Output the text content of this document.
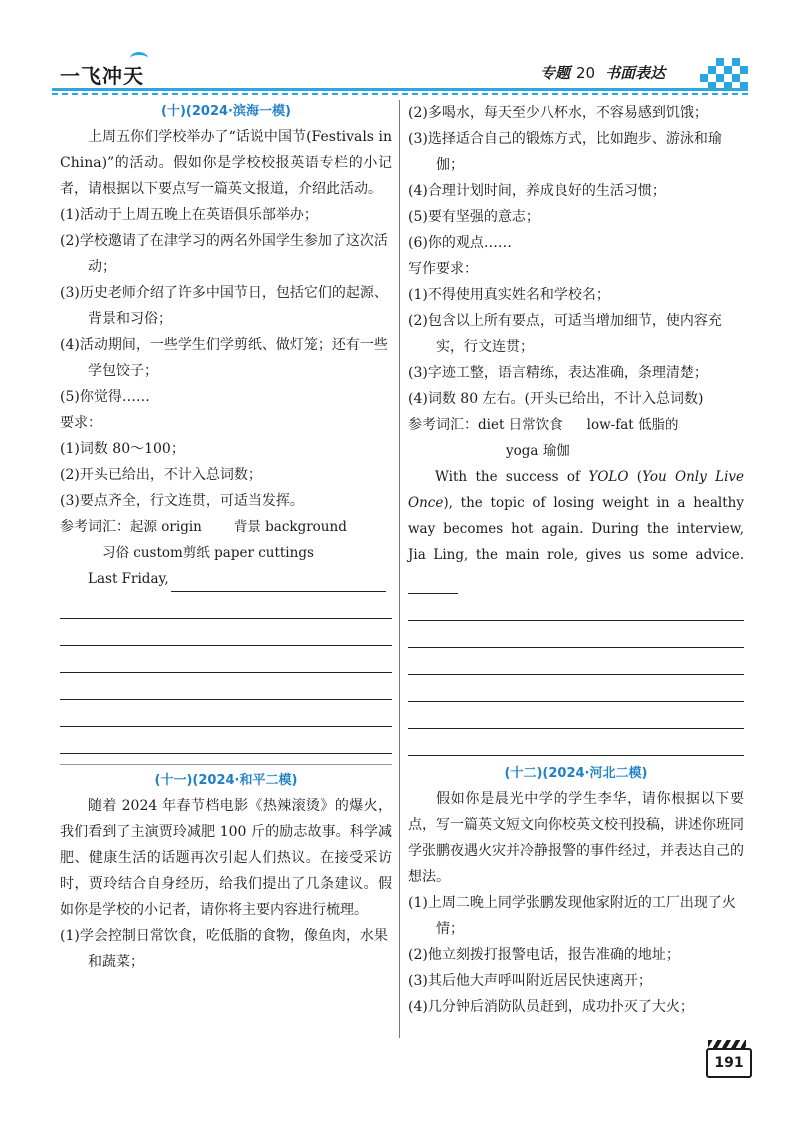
一飞冲天	专题 20 书面表达

(十)(2024·滨海一模)

上周五你们学校举办了“话说中国节(Festivals in China)”的活动。假如你是学校校报英语专栏的小记者，请根据以下要点写一篇英文报道，介绍此活动。

(1)活动于上周五晚上在英语俱乐部举办；

(2)学校邀请了在津学习的两名外国学生参加了这次活动；

(3)历史老师介绍了许多中国节日，包括它们的起源、背景和习俗；

(4)活动期间，一些学生们学剪纸、做灯笼；还有一些学包饺子；

(5)你觉得……

要求：

(1)词数 80～100；

(2)开头已给出，不计入总词数；

(3)要点齐全，行文连贯，可适当发挥。

参考词汇：起源 origin 背景 background

习俗 custom剪纸 paper cuttings

Last Friday,

(十一)(2024·和平二模)

随着 2024 年春节档电影《热辣滚烫》的爆火，我们看到了主演贾玲减肥 100 斤的励志故事。科学减肥、健康生活的话题再次引起人们热议。在接受采访时，贾玲结合自身经历，给我们提出了几条建议。假如你是学校的小记者，请你将主要内容进行梳理。

(1)学会控制日常饮食，吃低脂的食物，像鱼肉，水果和蔬菜；

(2)多喝水，每天至少八杯水，不容易感到饥饿；

(3)选择适合自己的锻炼方式，比如跑步、游泳和瑜伽；

(4)合理计划时间，养成良好的生活习惯；

(5)要有坚强的意志；

(6)你的观点……

写作要求：

(1)不得使用真实姓名和学校名；

(2)包含以上所有要点，可适当增加细节，使内容充实，行文连贯；

(3)字迹工整，语言精练，表达准确，条理清楚；

(4)词数 80 左右。(开头已给出，不计入总词数)

参考词汇：diet 日常饮食 low-fat 低脂的

yoga 瑜伽

With the success of YOLO (You Only Live Once), the topic of losing weight in a healthy way becomes hot again. During the interview, Jia Ling, the main role, gives us some advice.

(十二)(2024·河北二模)

假如你是晨光中学的学生李华，请你根据以下要点，写一篇英文短文向你校英文校刊投稿，讲述你班同学张鹏夜遇火灾并冷静报警的事件经过，并表达自己的想法。

(1)上周二晚上同学张鹏发现他家附近的工厂出现了火情；

(2)他立刻拨打报警电话，报告准确的地址；

(3)其后他大声呼叫附近居民快速离开；

(4)几分钟后消防队员赶到，成功扑灭了大火；

191
